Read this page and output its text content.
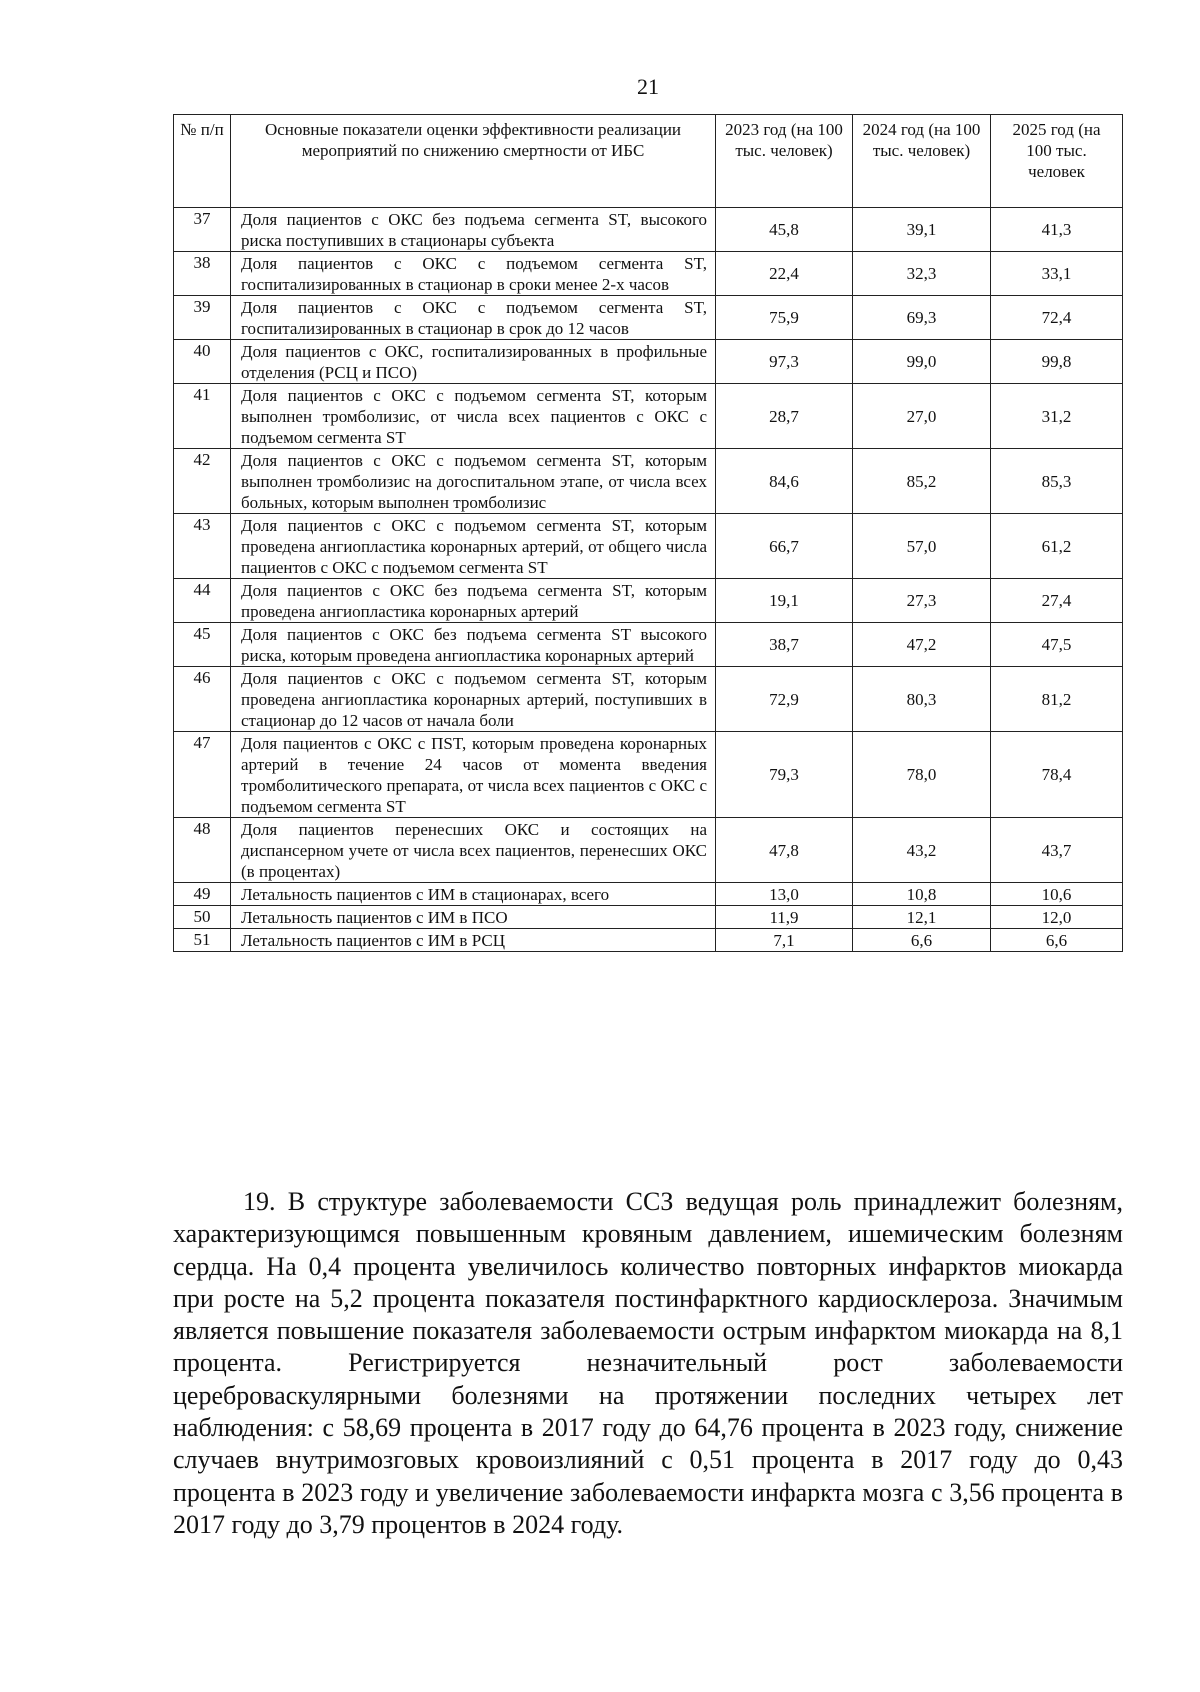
21
№ п/п	Основные показатели оценки эффективности реализации мероприятий по снижению смертности от ИБС	2023 год (на 100 тыс. человек)	2024 год (на 100 тыс. человек)	2025 год (на 100 тыс. человек
37	Доля пациентов с ОКС без подъема сегмента ST, высокого риска поступивших в стационары субъекта	45,8	39,1	41,3
38	Доля пациентов с ОКС с подъемом сегмента ST, госпитализированных в стационар в сроки менее 2-х часов	22,4	32,3	33,1
39	Доля пациентов с ОКС с подъемом сегмента ST, госпитализированных в стационар в срок до 12 часов	75,9	69,3	72,4
40	Доля пациентов с ОКС, госпитализированных в профильные отделения (РСЦ и ПСО)	97,3	99,0	99,8
41	Доля пациентов с ОКС с подъемом сегмента ST, которым выполнен тромболизис, от числа всех пациентов с ОКС с подъемом сегмента ST	28,7	27,0	31,2
42	Доля пациентов с ОКС с подъемом сегмента ST, которым выполнен тромболизис на догоспитальном этапе, от числа всех больных, которым выполнен тромболизис	84,6	85,2	85,3
43	Доля пациентов с ОКС с подъемом сегмента ST, которым проведена ангиопластика коронарных артерий, от общего числа пациентов с ОКС с подъемом сегмента ST	66,7	57,0	61,2
44	Доля пациентов с ОКС без подъема сегмента ST, которым проведена ангиопластика коронарных артерий	19,1	27,3	27,4
45	Доля пациентов с ОКС без подъема сегмента ST высокого риска, которым проведена ангиопластика коронарных артерий	38,7	47,2	47,5
46	Доля пациентов с ОКС с подъемом сегмента ST, которым проведена ангиопластика коронарных артерий, поступивших в стационар до 12 часов от начала боли	72,9	80,3	81,2
47	Доля пациентов с ОКС с ПST, которым проведена коронарных артерий в течение 24 часов от момента введения тромболитического препарата, от числа всех пациентов с ОКС с подъемом сегмента ST	79,3	78,0	78,4
48	Доля пациентов перенесших ОКС и состоящих на диспансерном учете от числа всех пациентов, перенесших ОКС (в процентах)	47,8	43,2	43,7
49	Летальность пациентов с ИМ в стационарах, всего	13,0	10,8	10,6
50	Летальность пациентов с ИМ в ПСО	11,9	12,1	12,0
51	Летальность пациентов с ИМ в РСЦ	7,1	6,6	6,6
19. В структуре заболеваемости ССЗ ведущая роль принадлежит болезням, характеризующимся повышенным кровяным давлением, ишемическим болезням сердца. На 0,4 процента увеличилось количество повторных инфарктов миокарда при росте на 5,2 процента показателя постинфарктного кардиосклероза. Значимым является повышение показателя заболеваемости острым инфарктом миокарда на 8,1 процента. Регистрируется незначительный рост заболеваемости цереброваскулярными болезнями на протяжении последних четырех лет наблюдения: с 58,69 процента в 2017 году до 64,76 процента в 2023 году, снижение случаев внутримозговых кровоизлияний с 0,51 процента в 2017 году до 0,43 процента в 2023 году и увеличение заболеваемости инфаркта мозга с 3,56 процента в 2017 году до 3,79 процентов в 2024 году.
